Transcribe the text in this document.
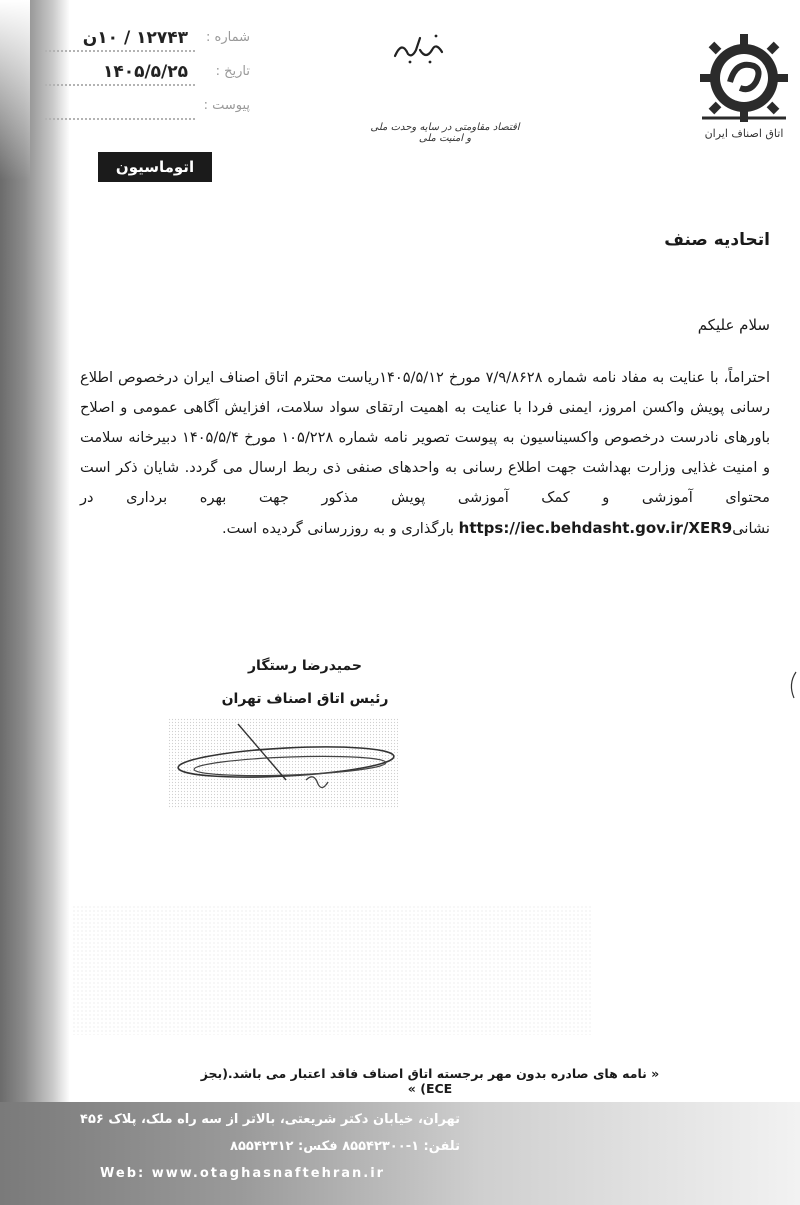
شماره :
۱۲۷۴۳ / ۱۰ن
تاریخ :
۱۴۰۵/۵/۲۵
پیوست :
اتوماسیون اداری
اقتصاد مقاومتی در سایه وحدت ملی و امنیت ملی	اتاق اصناف ایران
اتحادیه صنف
سلام علیکم

احتراماً، با عنایت به مفاد نامه شماره ۷/۹/۸۶۲۸ مورخ ۱۴۰۵/۵/۱۲ریاست محترم اتاق اصناف ایران درخصوص اطلاع رسانی پویش واکسن امروز، ایمنی فردا با عنایت به اهمیت ارتقای سواد سلامت، افزایش آگاهی عمومی و اصلاح باورهای نادرست درخصوص واکسیناسیون به پیوست تصویر نامه شماره ۱۰۵/۲۲۸ مورخ ۱۴۰۵/۵/۴ دبیرخانه سلامت و امنیت غذایی وزارت بهداشت جهت اطلاع رسانی به واحدهای صنفی ذی ربط ارسال می گردد. شایان ذکر است محتوای آموزشی و کمک آموزشی پویش مذکور جهت بهره برداری در نشانیhttps://iec.behdasht.gov.ir/XER9 بارگذاری و به روزرسانی گردیده است.

حمیدرضا رستگار
رئیس اتاق اصناف تهران
« نامه های صادره بدون مهر برجسته اتاق اصناف فاقد اعتبار می باشد.(بجز ECE) »
تهران، خیابان دکتر شریعتی، بالاتر از سه راه ملک، پلاک ۴۵۶
تلفن: ۱-۸۵۵۴۲۳۰۰ فکس: ۸۵۵۴۲۳۱۲
Web: www.otaghasnaftehran.ir
